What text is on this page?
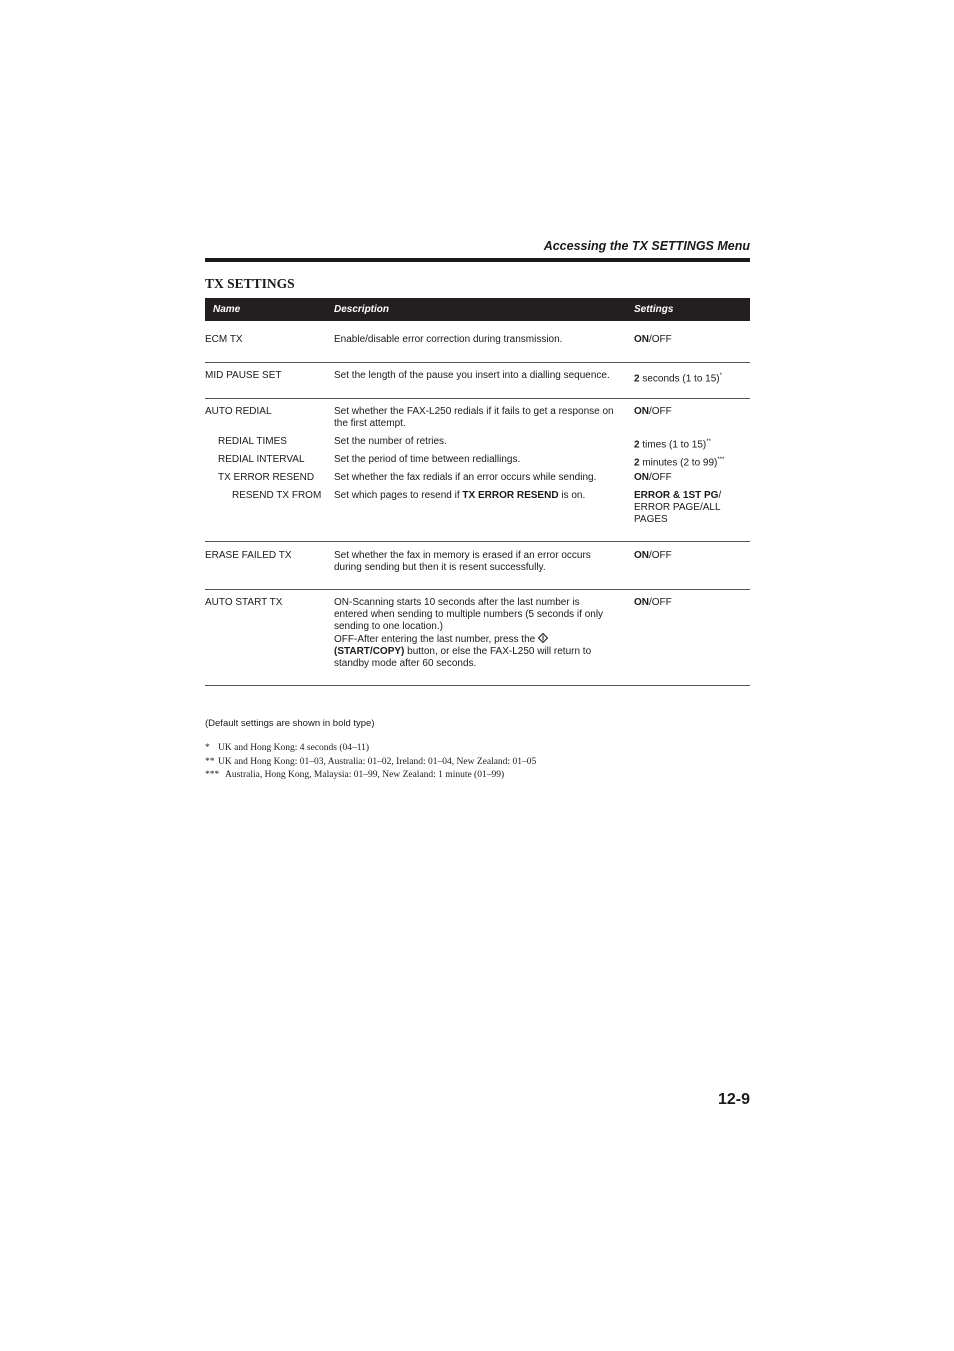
Accessing the TX SETTINGS Menu
TX SETTINGS
Name	Description	Settings
ECM TX	Enable/disable error correction during transmission.	ON/OFF
MID PAUSE SET	Set the length of the pause you insert into a dialling sequence.	2 seconds (1 to 15)*
AUTO REDIAL	Set whether the FAX-L250 redials if it fails to get a response on the first attempt.
ON/OFF
REDIAL TIMES	Set the number of retries.	2 times (1 to 15)**
REDIAL INTERVAL	Set the period of time between rediallings.	2 minutes (2 to 99)***
TX ERROR RESEND Set whether the fax redials if an error occurs while sending.	ON/OFF
RESEND TX FROM Set which pages to resend if TX ERROR RESEND is on.	ERROR & 1ST PG/
ERROR PAGE/ALL
PAGES
ERASE FAILED TX	Set whether the fax in memory is erased if an error occurs
during sending but then it is resent successfully.
ON/OFF
AUTO START TX	ON-Scanning starts 10 seconds after the last number is
entered when sending to multiple numbers (5 seconds if only
sending to one location.)
OFF-After entering the last number, press the
(START/COPY) button, or else the FAX-L250 will return to
standby mode after 60 seconds.
ON/OFF
(Default settings are shown in bold type)
* UK and Hong Kong: 4 seconds (04–11)
** UK and Hong Kong: 01–03, Australia: 01–02, Ireland: 01–04, New Zealand: 01–05
*** Australia, Hong Kong, Malaysia: 01–99, New Zealand: 1 minute (01–99)
12-9
